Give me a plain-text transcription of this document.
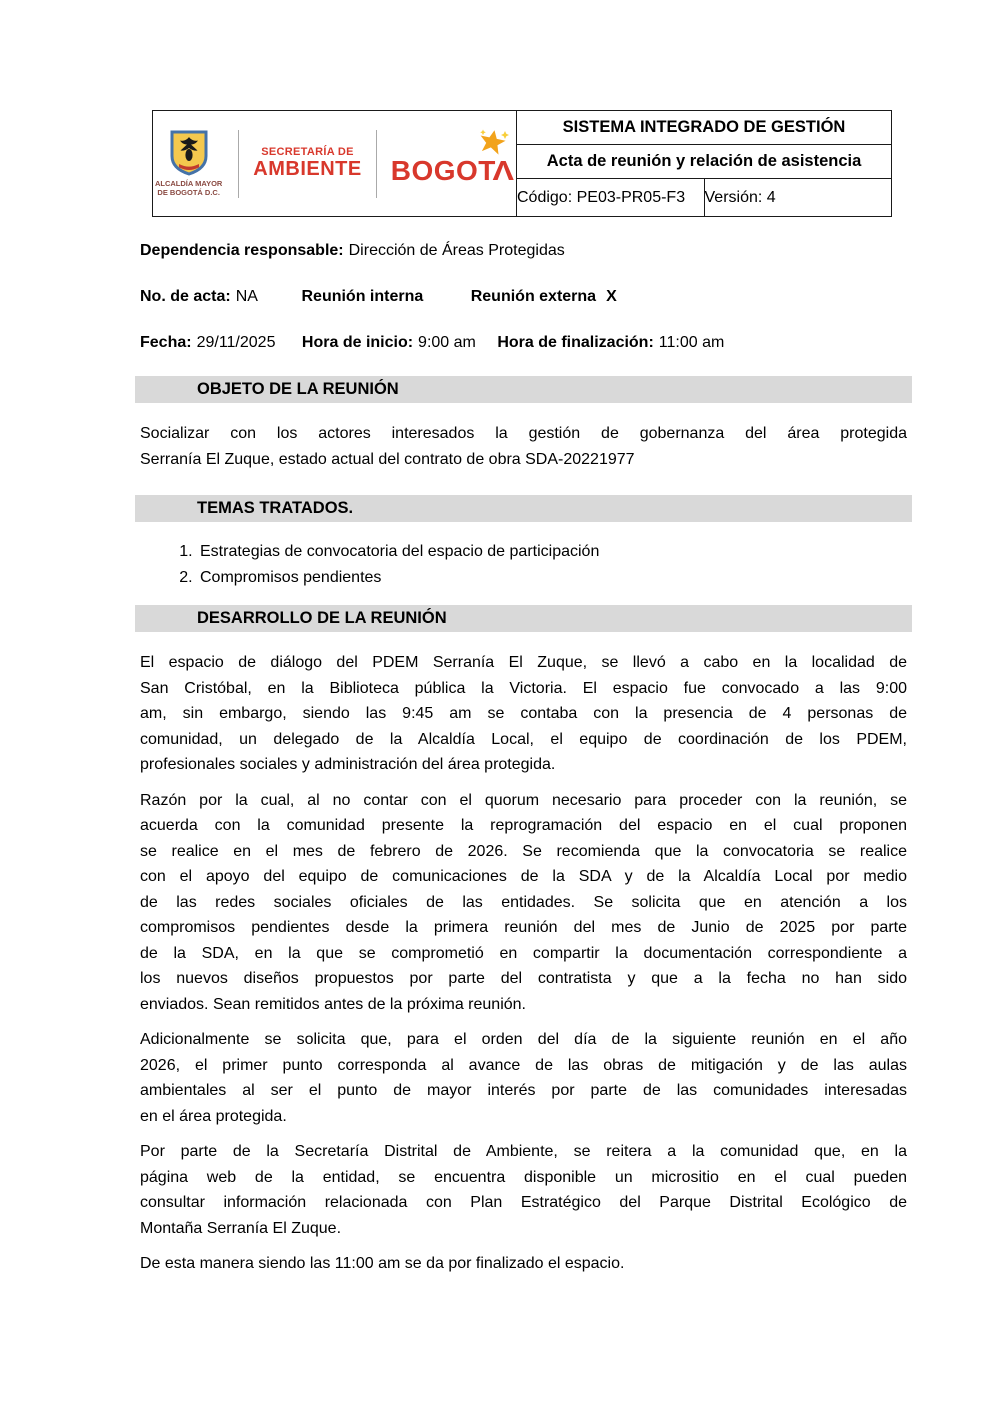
ALCALDÍA MAYOR
DE BOGOTÁ D.C.
SECRETARÍA DE
AMBIENTE BOGOTΛ	SISTEMA INTEGRADO DE GESTIÓN	
	Acta de reunión y relación de asistencia	
	Código: PE03-PR05-F3	Versión: 4
Dependencia responsable: Dirección de Áreas Protegidas
No. de acta: NA	Reunión interna	Reunión externa X
Fecha: 29/11/2025 Hora de inicio: 9:00 am Hora de finalización: 11:00 am
OBJETO DE LA REUNIÓN
Socializar con los actores interesados la gestión de gobernanza del área protegida
Serranía El Zuque, estado actual del contrato de obra SDA-20221977
TEMAS TRATADOS.
1. Estrategias de convocatoria del espacio de participación
2. Compromisos pendientes
DESARROLLO DE LA REUNIÓN
El espacio de diálogo del PDEM Serranía El Zuque, se llevó a cabo en la localidad de
San Cristóbal, en la Biblioteca pública la Victoria. El espacio fue convocado a las 9:00
am, sin embargo, siendo las 9:45 am se contaba con la presencia de 4 personas de
comunidad, un delegado de la Alcaldía Local, el equipo de coordinación de los PDEM,
profesionales sociales y administración del área protegida.
Razón por la cual, al no contar con el quorum necesario para proceder con la reunión, se
acuerda con la comunidad presente la reprogramación del espacio en el cual proponen
se realice en el mes de febrero de 2026. Se recomienda que la convocatoria se realice
con el apoyo del equipo de comunicaciones de la SDA y de la Alcaldía Local por medio
de las redes sociales oficiales de las entidades. Se solicita que en atención a los
compromisos pendientes desde la primera reunión del mes de Junio de 2025 por parte
de la SDA, en la que se comprometió en compartir la documentación correspondiente a
los nuevos diseños propuestos por parte del contratista y que a la fecha no han sido
enviados. Sean remitidos antes de la próxima reunión.
Adicionalmente se solicita que, para el orden del día de la siguiente reunión en el año
2026, el primer punto corresponda al avance de las obras de mitigación y de las aulas
ambientales al ser el punto de mayor interés por parte de las comunidades interesadas
en el área protegida.
Por parte de la Secretaría Distrital de Ambiente, se reitera a la comunidad que, en la
página web de la entidad, se encuentra disponible un micrositio en el cual pueden
consultar información relacionada con Plan Estratégico del Parque Distrital Ecológico de
Montaña Serranía El Zuque.
De esta manera siendo las 11:00 am se da por finalizado el espacio.
